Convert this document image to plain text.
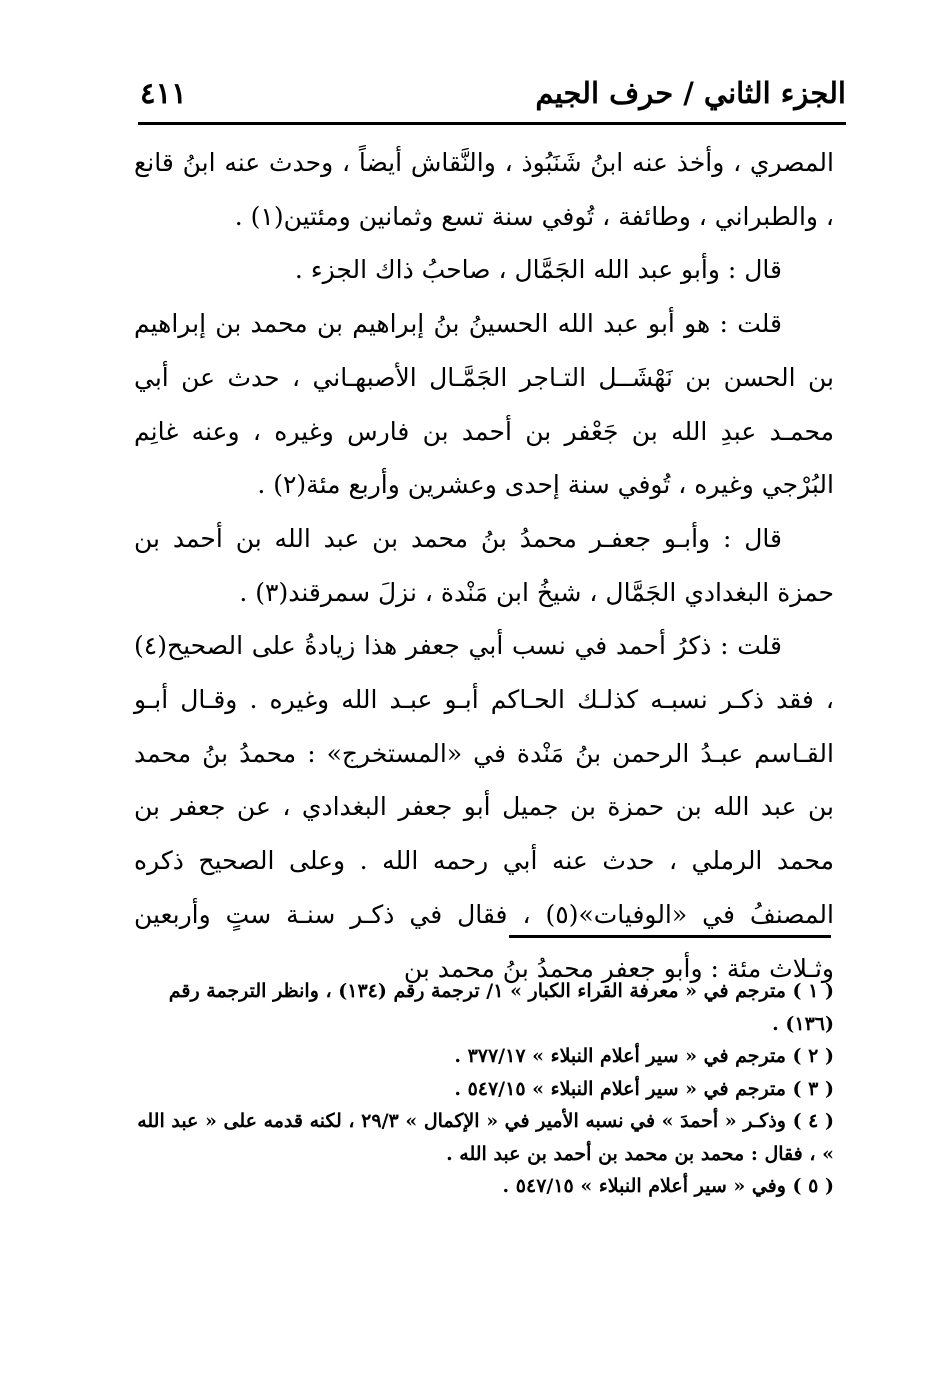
الجزء الثاني / حرف الجيم
٤١١

المصري ، وأخذ عنه ابنُ شَنَبُوذ ، والنَّقاش أيضاً ، وحدث عنه ابنُ قانع ، والطبراني ، وطائفة ، تُوفي سنة تسع وثمانين ومئتين(١) .

قال : وأبو عبد الله الجَمَّال ، صاحبُ ذاك الجزء .

قلت : هو أبو عبد الله الحسينُ بنُ إبراهيم بن محمد بن إبراهيم بن الحسن بن نَهْشَــل التـاجر الجَمَّـال الأصبهـاني ، حدث عن أبي محمـد عبدِ الله بن جَعْفر بن أحمد بن فارس وغيره ، وعنه غانِم البُرْجي وغيره ، تُوفي سنة إحدى وعشرين وأربع مئة(٢) .

قال : وأبـو جعفـر محمدُ بنُ محمد بن عبد الله بن أحمد بن حمزة البغدادي الجَمَّال ، شيخُ ابن مَنْدة ، نزلَ سمرقند(٣) .

قلت : ذكرُ أحمد في نسب أبي جعفر هذا زيادةُ على الصحيح(٤) ، فقد ذكـر نسبـه كذلـك الحـاكم أبـو عبـد الله وغيره . وقـال أبـو القـاسم عبـدُ الرحمن بنُ مَنْدة في «المستخرج» : محمدُ بنُ محمد بن عبد الله بن حمزة بن جميل أبو جعفر البغدادي ، عن جعفر بن محمد الرملي ، حدث عنه أبي رحمه الله . وعلى الصحيح ذكره المصنفُ في «الوفيات»(٥) ، فقال في ذكـر سنـة ستٍ وأربعين وثـلاث مئة : وأبو جعفر محمدُ بنُ محمد بن

( ١ ) مترجم في « معرفة القراء الكبار » ١/ ترجمة رقم (١٣٤) ، وانظر الترجمة رقم (١٣٦) .

( ٢ ) مترجم في « سير أعلام النبلاء » ٣٧٧/١٧ .

( ٣ ) مترجم في « سير أعلام النبلاء » ٥٤٧/١٥ .

( ٤ ) وذكـر « أحمدَ » في نسبه الأمير في « الإكمال » ٢٩/٣ ، لكنه قدمه على « عبد الله » ، فقال : محمد بن محمد بن أحمد بن عبد الله .

( ٥ ) وفي « سير أعلام النبلاء » ٥٤٧/١٥ .
